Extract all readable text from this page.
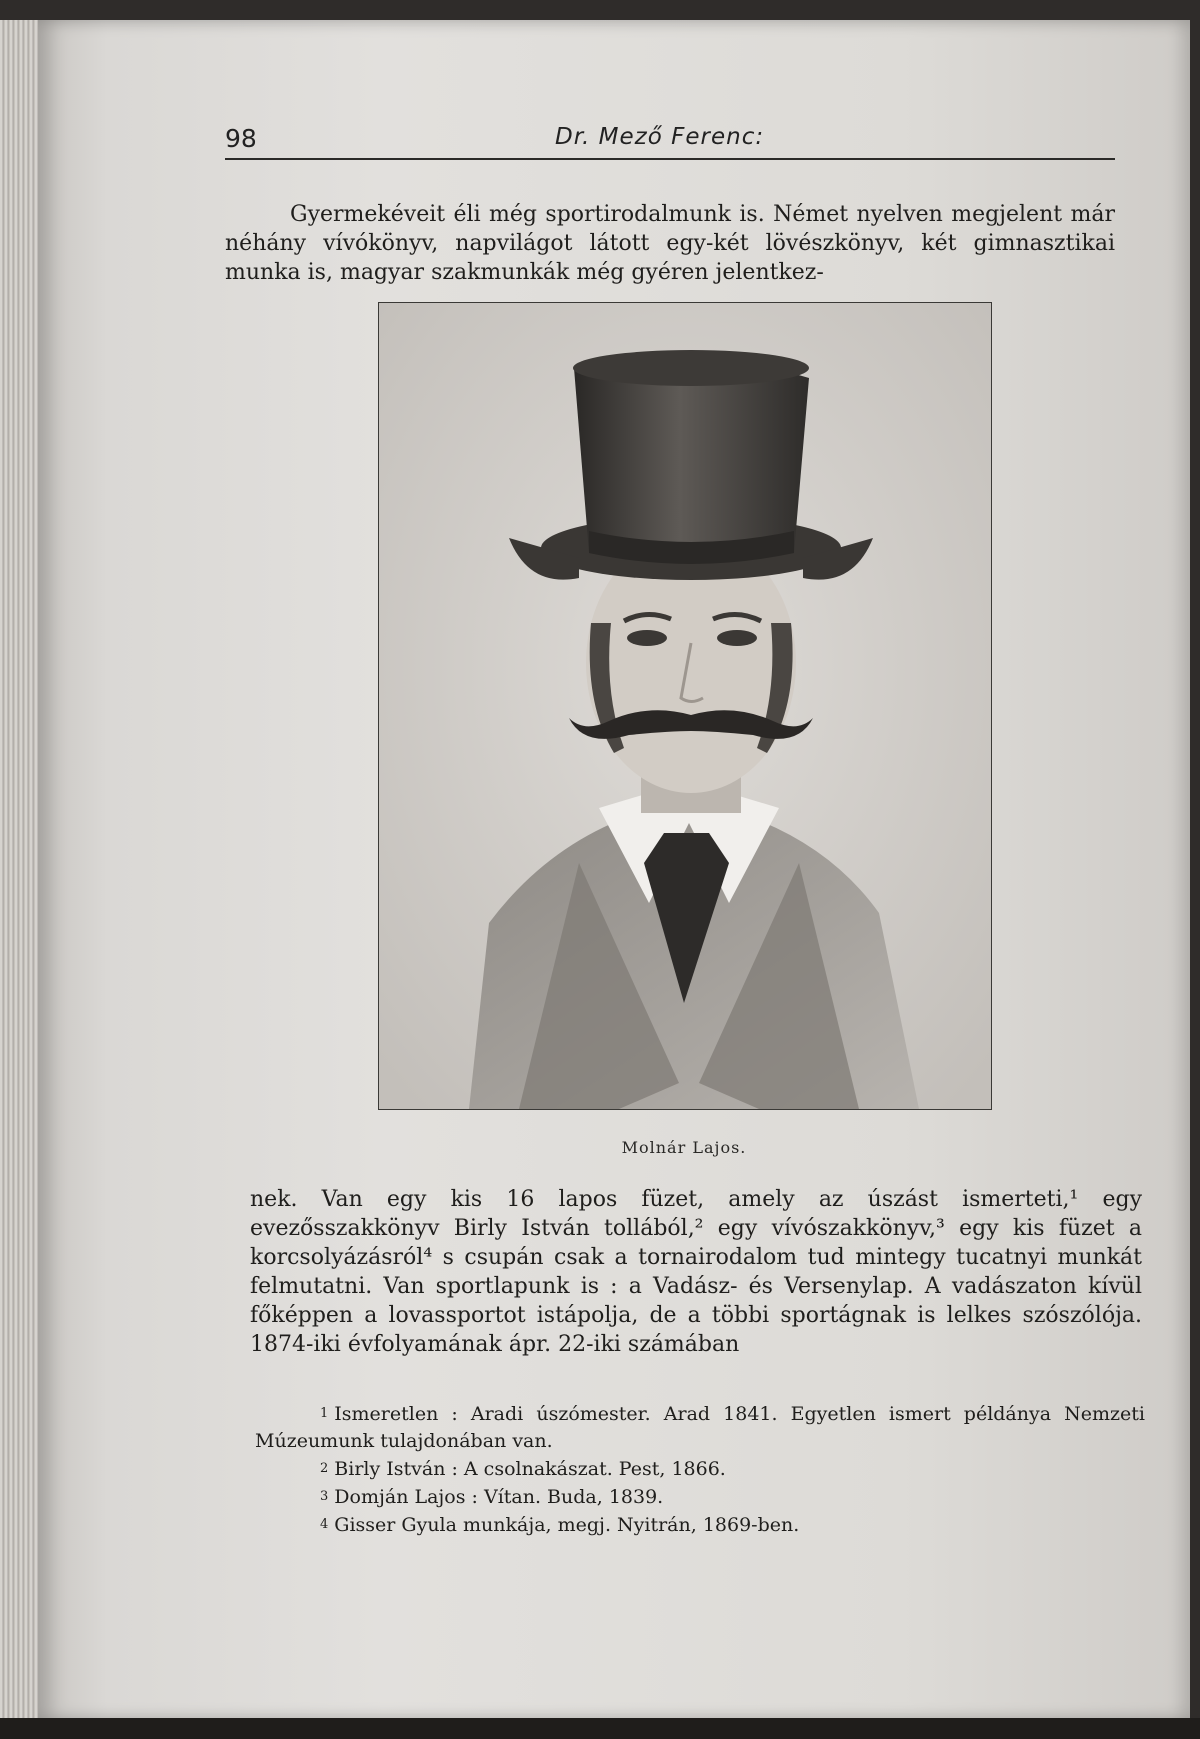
98	Dr. Mező Ferenc:

Gyermekéveit éli még sportirodalmunk is. Német nyelven megjelent már néhány vívókönyv, napvilágot látott egy-két lövészkönyv, két gimnasztikai munka is, magyar szakmunkák még gyéren jelentkez-

Molnár Lajos.

nek. Van egy kis 16 lapos füzet, amely az úszást ismerteti,¹ egy evezősszakkönyv Birly István tollából,² egy vívószakkönyv,³ egy kis füzet a korcsolyázásról⁴ s csupán csak a tornairodalom tud mintegy tucatnyi munkát felmutatni. Van sportlapunk is : a Vadász- és Versenylap. A vadászaton kívül főképpen a lovassportot istápolja, de a többi sportágnak is lelkes szószólója. 1874-iki évfolyamának ápr. 22-iki számában

1 Ismeretlen : Aradi úszómester. Arad 1841. Egyetlen ismert példánya Nemzeti Múzeumunk tulajdonában van.

2 Birly István : A csolnakászat. Pest, 1866.

3 Domján Lajos : Vítan. Buda, 1839.

4 Gisser Gyula munkája, megj. Nyitrán, 1869-ben.
